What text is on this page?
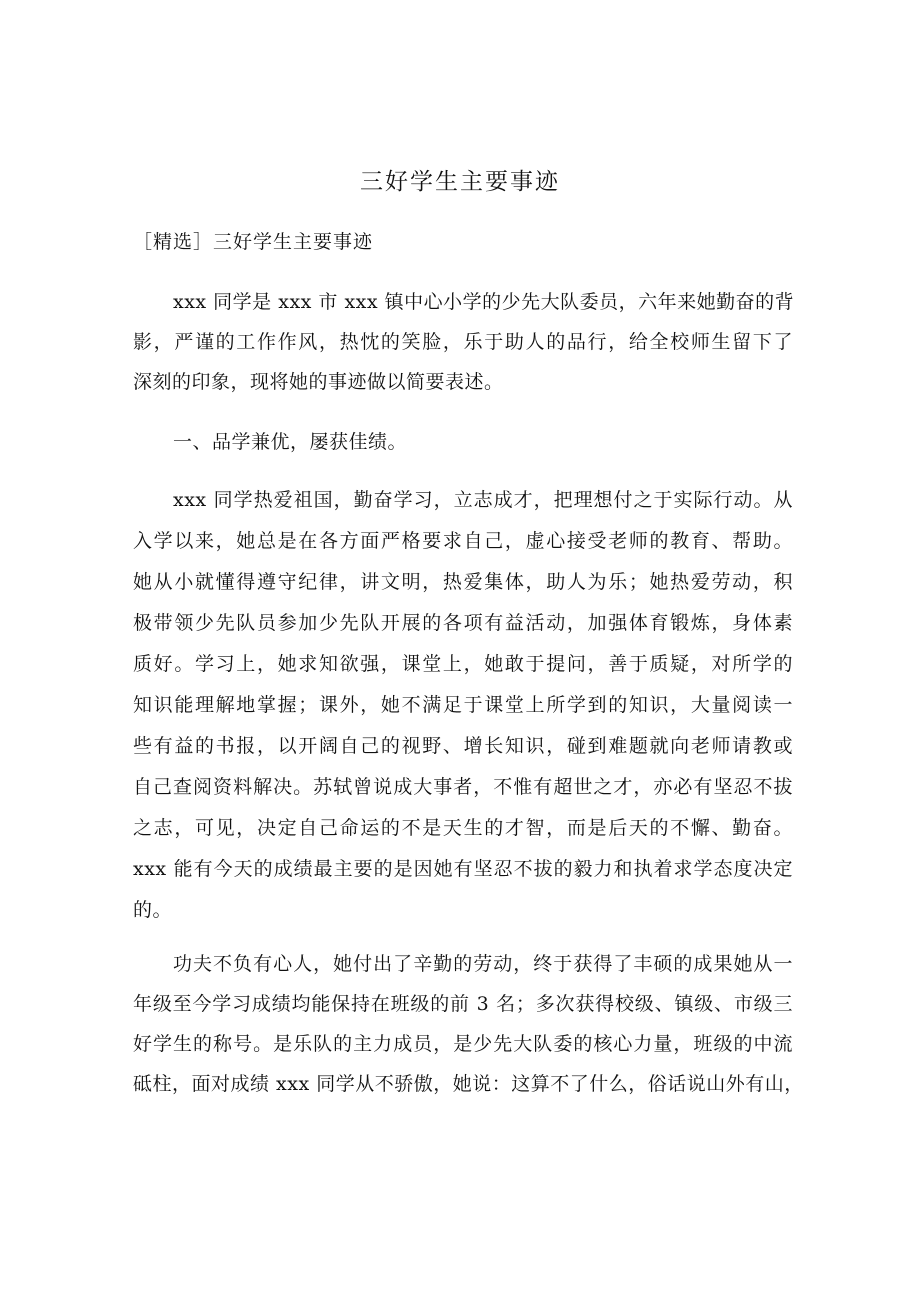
三好学生主要事迹
［精选］三好学生主要事迹
xxx 同学是 xxx 市 xxx 镇中心小学的少先大队委员，六年来她勤奋的背
影，严谨的工作作风，热忱的笑脸，乐于助人的品行，给全校师生留下了
深刻的印象，现将她的事迹做以简要表述。
一、品学兼优，屡获佳绩。
xxx 同学热爱祖国，勤奋学习，立志成才，把理想付之于实际行动。从
入学以来，她总是在各方面严格要求自己，虚心接受老师的教育、帮助。
她从小就懂得遵守纪律，讲文明，热爱集体，助人为乐；她热爱劳动，积
极带领少先队员参加少先队开展的各项有益活动，加强体育锻炼，身体素
质好。学习上，她求知欲强，课堂上，她敢于提问，善于质疑，对所学的
知识能理解地掌握；课外，她不满足于课堂上所学到的知识，大量阅读一
些有益的书报，以开阔自己的视野、增长知识，碰到难题就向老师请教或
自己查阅资料解决。苏轼曾说成大事者，不惟有超世之才，亦必有坚忍不拔
之志，可见，决定自己命运的不是天生的才智，而是后天的不懈、勤奋。
xxx 能有今天的成绩最主要的是因她有坚忍不拔的毅力和执着求学态度决定
的。
功夫不负有心人，她付出了辛勤的劳动，终于获得了丰硕的成果她从一
年级至今学习成绩均能保持在班级的前 3 名；多次获得校级、镇级、市级三
好学生的称号。是乐队的主力成员，是少先大队委的核心力量，班级的中流
砥柱，面对成绩 xxx 同学从不骄傲，她说：这算不了什么，俗话说山外有山，
